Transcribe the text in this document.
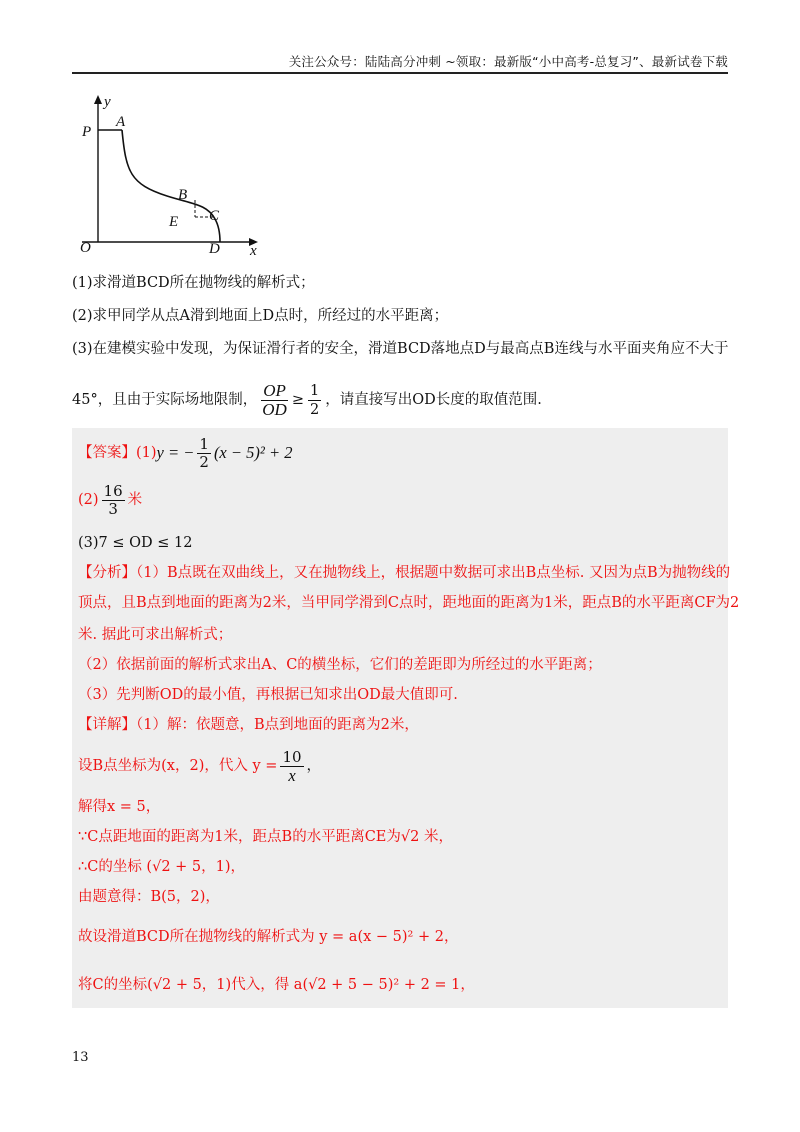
关注公众号：陆陆高分冲刺 ~领取：最新版“小中高考-总复习”、最新试卷下载
y
x
O
P
A
B
C
D
E
(1)求滑道BCD所在抛物线的解析式；
(2)求甲同学从点A滑到地面上D点时，所经过的水平距离；
(3)在建模实验中发现，为保证滑行者的安全，滑道BCD落地点D与最高点B连线与水平面夹角应不大于
45°，且由于实际场地限制， $\frac{OP}{OD} \ge \frac{1}{2}$ ，请直接写出OD长度的取值范围.
【答案】 (1) y = − $\frac{1}{2} (x - 5)^2 + 2$
(2)
16
3 米
(3)7 ≤ OD ≤ 12
【分析】（1）B点既在双曲线上，又在抛物线上，根据题中数据可求出B点坐标. 又因为点B为抛物线的
顶点，且B点到地面的距离为2米，当甲同学滑到C点时，距地面的距离为1米，距点B的水平距离CF为2
米. 据此可求出解析式；
（2）依据前面的解析式求出A、C的横坐标，它们的差距即为所经过的水平距离；
（3）先判断OD的最小值，再根据已知求出OD最大值即可.
【详解】（1）解：依题意，B点到地面的距离为2米，
设B点坐标为(x，2)，代入 $y = \frac{10}{x}$ ，
解得x = 5，
∵C点距地面的距离为1米，距点B的水平距离CE为√2 米，
∴C的坐标 (√2 + 5，1)，
由题意得：B(5，2)，
故设滑道BCD所在抛物线的解析式为 y = a(x − 5)² + 2，
将C的坐标(√2 + 5，1)代入，得 a(√2 + 5 − 5)² + 2 = 1，
13
